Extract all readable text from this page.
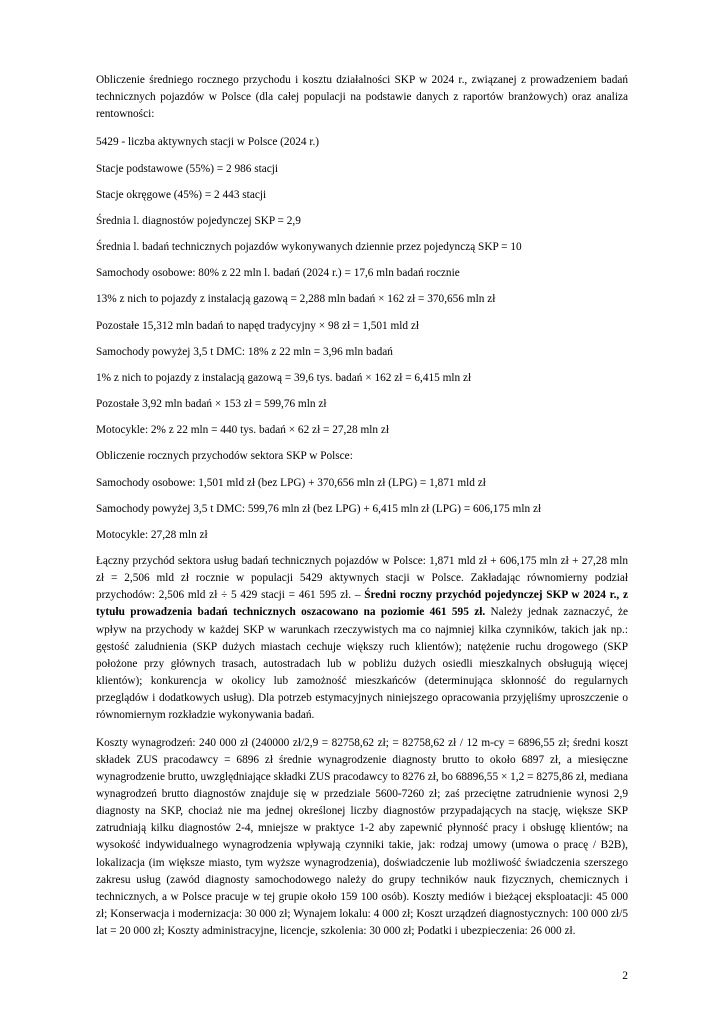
Obliczenie średniego rocznego przychodu i kosztu działalności SKP w 2024 r., związanej z prowadzeniem badań technicznych pojazdów w Polsce (dla całej populacji na podstawie danych z raportów branżowych) oraz analiza rentowności:

5429 - liczba aktywnych stacji w Polsce (2024 r.)

Stacje podstawowe (55%) = 2 986 stacji

Stacje okręgowe (45%) = 2 443 stacji

Średnia l. diagnostów pojedynczej SKP = 2,9

Średnia l. badań technicznych pojazdów wykonywanych dziennie przez pojedynczą SKP = 10

Samochody osobowe: 80% z 22 mln l. badań (2024 r.) = 17,6 mln badań rocznie

13% z nich to pojazdy z instalacją gazową = 2,288 mln badań × 162 zł = 370,656 mln zł

Pozostałe 15,312 mln badań to napęd tradycyjny × 98 zł = 1,501 mld zł

Samochody powyżej 3,5 t DMC: 18% z 22 mln = 3,96 mln badań

1% z nich to pojazdy z instalacją gazową = 39,6 tys. badań × 162 zł = 6,415 mln zł

Pozostałe 3,92 mln badań × 153 zł = 599,76 mln zł

Motocykle: 2% z 22 mln = 440 tys. badań × 62 zł = 27,28 mln zł

Obliczenie rocznych przychodów sektora SKP w Polsce:

Samochody osobowe: 1,501 mld zł (bez LPG) + 370,656 mln zł (LPG) = 1,871 mld zł

Samochody powyżej 3,5 t DMC: 599,76 mln zł (bez LPG) + 6,415 mln zł (LPG) = 606,175 mln zł

Motocykle: 27,28 mln zł

Łączny przychód sektora usług badań technicznych pojazdów w Polsce: 1,871 mld zł + 606,175 mln zł + 27,28 mln zł = 2,506 mld zł rocznie w populacji 5429 aktywnych stacji w Polsce. Zakładając równomierny podział przychodów: 2,506 mld zł ÷ 5 429 stacji = 461 595 zł. – Średni roczny przychód pojedynczej SKP w 2024 r., z tytułu prowadzenia badań technicznych oszacowano na poziomie 461 595 zł. Należy jednak zaznaczyć, że wpływ na przychody w każdej SKP w warunkach rzeczywistych ma co najmniej kilka czynników, takich jak np.: gęstość zaludnienia (SKP dużych miastach cechuje większy ruch klientów); natężenie ruchu drogowego (SKP położone przy głównych trasach, autostradach lub w pobliżu dużych osiedli mieszkalnych obsługują więcej klientów); konkurencja w okolicy lub zamożność mieszkańców (determinująca skłonność do regularnych przeglądów i dodatkowych usług). Dla potrzeb estymacyjnych niniejszego opracowania przyjęliśmy uproszczenie o równomiernym rozkładzie wykonywania badań.

Koszty wynagrodzeń: 240 000 zł (240000 zł/2,9 = 82758,62 zł; = 82758,62 zł / 12 m-cy = 6896,55 zł; średni koszt składek ZUS pracodawcy = 6896 zł średnie wynagrodzenie diagnosty brutto to około 6897 zł, a miesięczne wynagrodzenie brutto, uwzględniające składki ZUS pracodawcy to 8276 zł, bo 68896,55 × 1,2 = 8275,86 zł, mediana wynagrodzeń brutto diagnostów znajduje się w przedziale 5600-7260 zł; zaś przeciętne zatrudnienie wynosi 2,9 diagnosty na SKP, chociaż nie ma jednej określonej liczby diagnostów przypadających na stację, większe SKP zatrudniają kilku diagnostów 2-4, mniejsze w praktyce 1-2 aby zapewnić płynność pracy i obsługę klientów; na wysokość indywidualnego wynagrodzenia wpływają czynniki takie, jak: rodzaj umowy (umowa o pracę / B2B), lokalizacja (im większe miasto, tym wyższe wynagrodzenia), doświadczenie lub możliwość świadczenia szerszego zakresu usług (zawód diagnosty samochodowego należy do grupy techników nauk fizycznych, chemicznych i technicznych, a w Polsce pracuje w tej grupie około 159 100 osób). Koszty mediów i bieżącej eksploatacji: 45 000 zł; Konserwacja i modernizacja: 30 000 zł; Wynajem lokalu: 4 000 zł; Koszt urządzeń diagnostycznych: 100 000 zł/5 lat = 20 000 zł; Koszty administracyjne, licencje, szkolenia: 30 000 zł; Podatki i ubezpieczenia: 26 000 zł.

2
